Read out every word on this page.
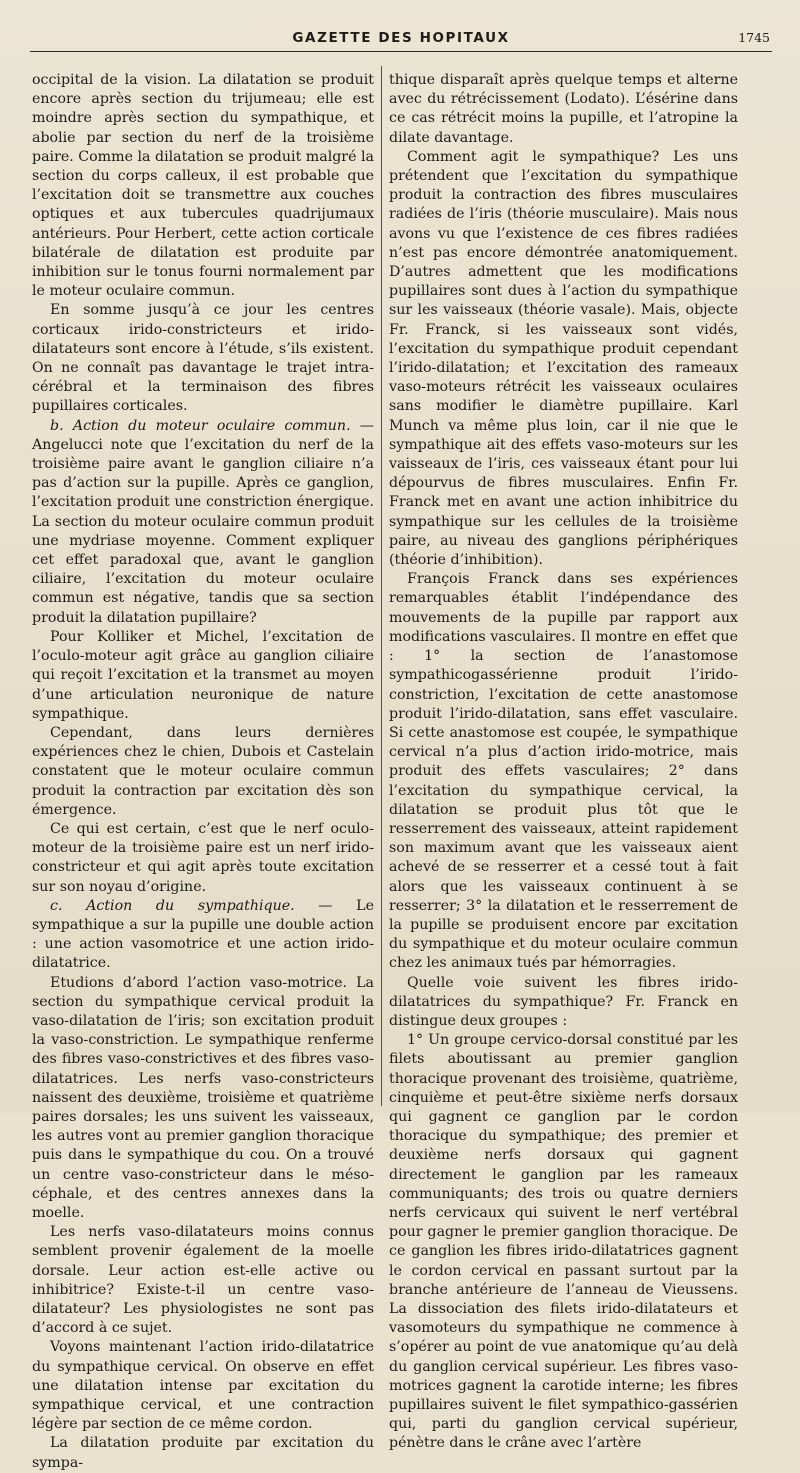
GAZETTE DES HOPITAUX	1745

occipital de la vision. La dilatation se produit encore après section du trijumeau; elle est moindre après section du sympathique, et abolie par section du nerf de la troisième paire. Comme la dilatation se produit malgré la section du corps calleux, il est probable que l’excitation doit se transmettre aux couches optiques et aux tubercules quadrijumaux antérieurs. Pour Herbert, cette action corticale bilatérale de dilatation est produite par inhibition sur le tonus fourni normalement par le moteur oculaire commun.

En somme jusqu’à ce jour les centres corticaux irido-constricteurs et irido-dilatateurs sont encore à l’étude, s’ils existent. On ne connaît pas davantage le trajet intra-cérébral et la terminaison des fibres pupillaires corticales.

b. Action du moteur oculaire commun. — Angelucci note que l’excitation du nerf de la troisième paire avant le ganglion ciliaire n’a pas d’action sur la pupille. Après ce ganglion, l’excitation produit une constriction énergique. La section du moteur oculaire commun produit une mydriase moyenne. Comment expliquer cet effet paradoxal que, avant le ganglion ciliaire, l’excitation du moteur oculaire commun est négative, tandis que sa section produit la dilatation pupillaire?

Pour Kolliker et Michel, l’excitation de l’oculo-moteur agit grâce au ganglion ciliaire qui reçoit l’excitation et la transmet au moyen d’une articulation neuronique de nature sympathique.

Cependant, dans leurs dernières expériences chez le chien, Dubois et Castelain constatent que le moteur oculaire commun produit la contraction par excitation dès son émergence.

Ce qui est certain, c’est que le nerf oculo-moteur de la troisième paire est un nerf irido-constricteur et qui agit après toute excitation sur son noyau d’origine.

c. Action du sympathique. — Le sympathique a sur la pupille une double action : une action vasomotrice et une action irido-dilatatrice.

Etudions d’abord l’action vaso-motrice. La section du sympathique cervical produit la vaso-dilatation de l’iris; son excitation produit la vaso-constriction. Le sympathique renferme des fibres vaso-constrictives et des fibres vaso-dilatatrices. Les nerfs vaso-constricteurs naissent des deuxième, troisième et quatrième paires dorsales; les uns suivent les vaisseaux, les autres vont au premier ganglion thoracique puis dans le sympathique du cou. On a trouvé un centre vaso-constricteur dans le méso-céphale, et des centres annexes dans la moelle.

Les nerfs vaso-dilatateurs moins connus semblent provenir également de la moelle dorsale. Leur action est-elle active ou inhibitrice? Existe-t-il un centre vaso-dilatateur? Les physiologistes ne sont pas d’accord à ce sujet.

Voyons maintenant l’action irido-dilatatrice du sympathique cervical. On observe en effet une dilatation intense par excitation du sympathique cervical, et une contraction légère par section de ce même cordon.

La dilatation produite par excitation du sympa-

thique disparaît après quelque temps et alterne avec du rétrécissement (Lodato). L’ésérine dans ce cas rétrécit moins la pupille, et l’atropine la dilate davantage.

Comment agit le sympathique? Les uns prétendent que l’excitation du sympathique produit la contraction des fibres musculaires radiées de l’iris (théorie musculaire). Mais nous avons vu que l’existence de ces fibres radiées n’est pas encore démontrée anatomiquement. D’autres admettent que les modifications pupillaires sont dues à l’action du sympathique sur les vaisseaux (théorie vasale). Mais, objecte Fr. Franck, si les vaisseaux sont vidés, l’excitation du sympathique produit cependant l’irido-dilatation; et l’excitation des rameaux vaso-moteurs rétrécit les vaisseaux oculaires sans modifier le diamètre pupillaire. Karl Munch va même plus loin, car il nie que le sympathique ait des effets vaso-moteurs sur les vaisseaux de l’iris, ces vaisseaux étant pour lui dépourvus de fibres musculaires. Enfin Fr. Franck met en avant une action inhibitrice du sympathique sur les cellules de la troisième paire, au niveau des ganglions périphériques (théorie d’inhibition).

François Franck dans ses expériences remarquables établit l’indépendance des mouvements de la pupille par rapport aux modifications vasculaires. Il montre en effet que : 1° la section de l’anastomose sympathicogassérienne produit l’irido-constriction, l’excitation de cette anastomose produit l’irido-dilatation, sans effet vasculaire. Si cette anastomose est coupée, le sympathique cervical n’a plus d’action irido-motrice, mais produit des effets vasculaires; 2° dans l’excitation du sympathique cervical, la dilatation se produit plus tôt que le resserrement des vaisseaux, atteint rapidement son maximum avant que les vaisseaux aient achevé de se resserrer et a cessé tout à fait alors que les vaisseaux continuent à se resserrer; 3° la dilatation et le resserrement de la pupille se produisent encore par excitation du sympathique et du moteur oculaire commun chez les animaux tués par hémorragies.

Quelle voie suivent les fibres irido-dilatatrices du sympathique? Fr. Franck en distingue deux groupes :

1° Un groupe cervico-dorsal constitué par les filets aboutissant au premier ganglion thoracique provenant des troisième, quatrième, cinquième et peut-être sixième nerfs dorsaux qui gagnent ce ganglion par le cordon thoracique du sympathique; des premier et deuxième nerfs dorsaux qui gagnent directement le ganglion par les rameaux communiquants; des trois ou quatre derniers nerfs cervicaux qui suivent le nerf vertébral pour gagner le premier ganglion thoracique. De ce ganglion les fibres irido-dilatatrices gagnent le cordon cervical en passant surtout par la branche antérieure de l’anneau de Vieussens. La dissociation des filets irido-dilatateurs et vasomoteurs du sympathique ne commence à s’opérer au point de vue anatomique qu’au delà du ganglion cervical supérieur. Les fibres vaso-motrices gagnent la carotide interne; les fibres pupillaires suivent le filet sympathico-gassérien qui, parti du ganglion cervical supérieur, pénètre dans le crâne avec l’artère
